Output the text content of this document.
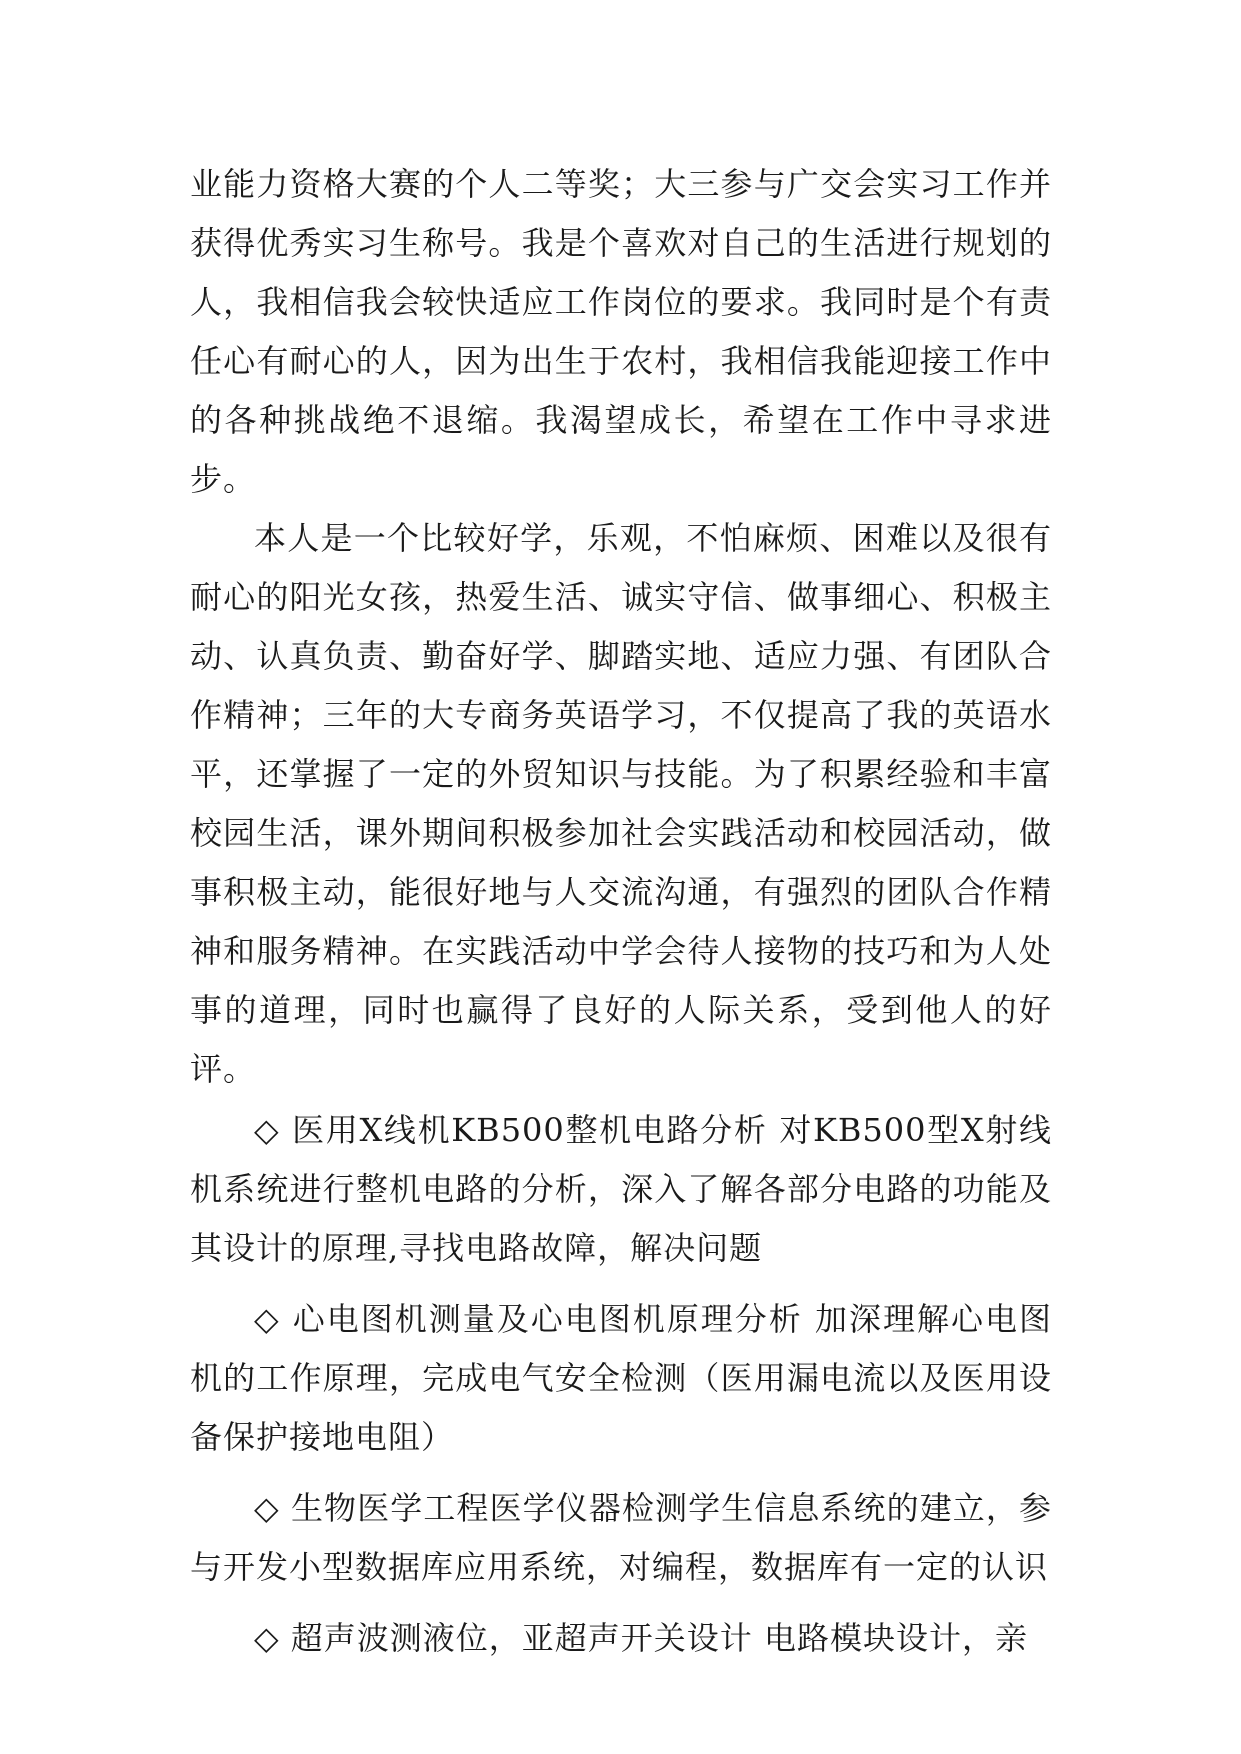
业能力资格大赛的个人二等奖；大三参与广交会实习工作并获得优秀实习生称号。我是个喜欢对自己的生活进行规划的人，我相信我会较快适应工作岗位的要求。我同时是个有责任心有耐心的人，因为出生于农村，我相信我能迎接工作中的各种挑战绝不退缩。我渴望成长，希望在工作中寻求进步。

本人是一个比较好学，乐观，不怕麻烦、困难以及很有耐心的阳光女孩，热爱生活、诚实守信、做事细心、积极主动、认真负责、勤奋好学、脚踏实地、适应力强、有团队合作精神；三年的大专商务英语学习，不仅提高了我的英语水平，还掌握了一定的外贸知识与技能。为了积累经验和丰富校园生活，课外期间积极参加社会实践活动和校园活动，做事积极主动，能很好地与人交流沟通，有强烈的团队合作精神和服务精神。在实践活动中学会待人接物的技巧和为人处事的道理，同时也赢得了良好的人际关系，受到他人的好评。

◇ 医用X线机KB500整机电路分析 对KB500型X射线机系统进行整机电路的分析，深入了解各部分电路的功能及其设计的原理,寻找电路故障，解决问题

◇ 心电图机测量及心电图机原理分析 加深理解心电图机的工作原理，完成电气安全检测（医用漏电流以及医用设备保护接地电阻）

◇ 生物医学工程医学仪器检测学生信息系统的建立，参与开发小型数据库应用系统，对编程，数据库有一定的认识

◇ 超声波测液位，亚超声开关设计 电路模块设计，亲
